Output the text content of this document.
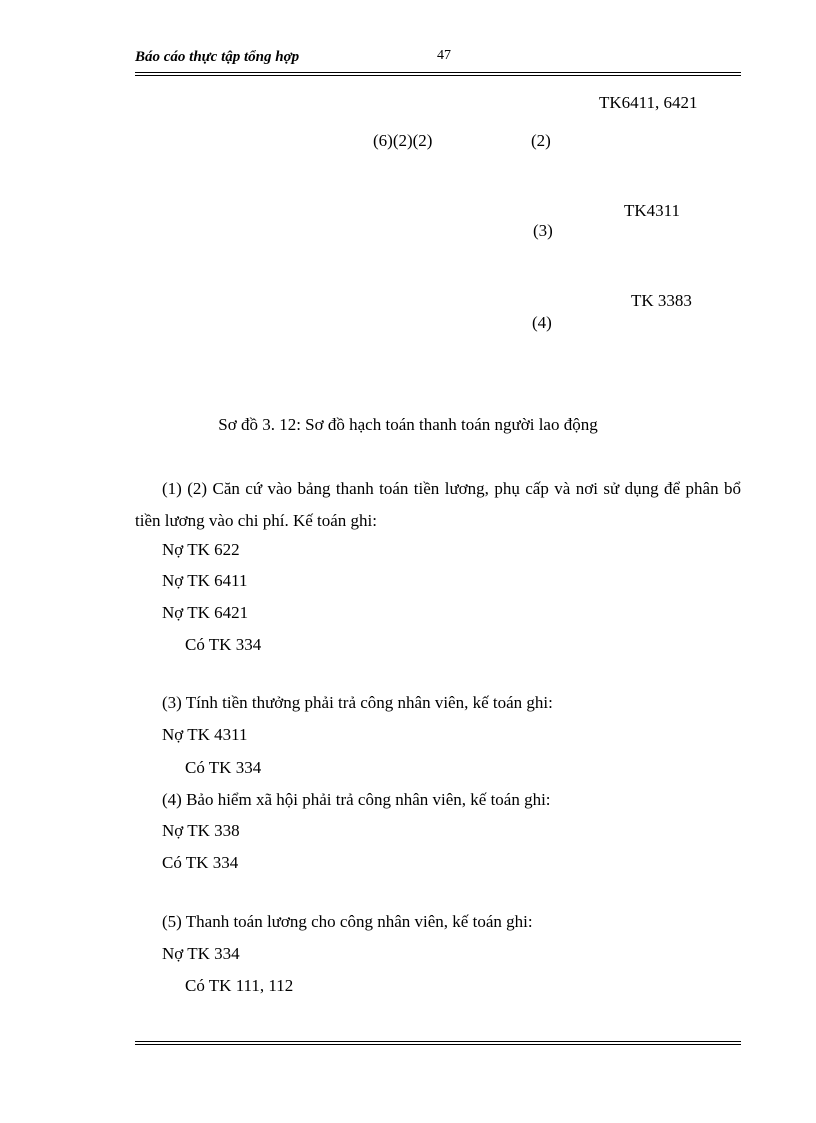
Báo cáo thực tập tổng hợp	47
TK6411, 6421
(6)(2)(2)	(2)
TK4311
(3)
TK 3383
(4)
Sơ đồ 3. 12: Sơ đồ hạch toán thanh toán người lao động
(1) (2) Căn cứ vào bảng thanh toán tiền lương, phụ cấp và nơi sử dụng để phân bổ tiền lương vào chi phí. Kế toán ghi:
Nợ TK 622
Nợ TK 6411
Nợ TK 6421
Có TK 334
(3) Tính tiền thưởng phải trả công nhân viên, kế toán ghi:
Nợ TK 4311
Có TK 334
(4) Bảo hiểm xã hội phải trả công nhân viên, kế toán ghi:
Nợ TK 338
Có TK 334
(5) Thanh toán lương cho công nhân viên, kế toán ghi:
Nợ TK 334
Có TK 111, 112
